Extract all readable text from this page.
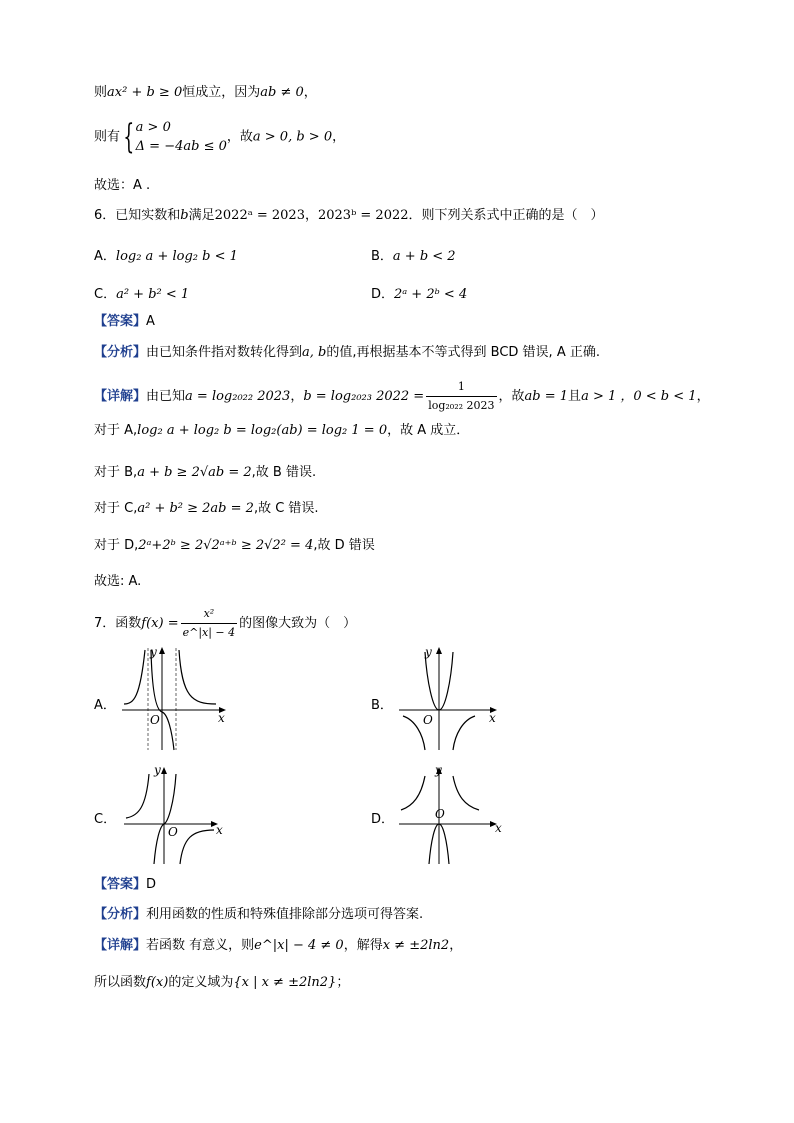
则ax² + b ≥ 0恒成立，因为ab ≠ 0，
则有 { a > 0
Δ = −4ab ≤ 0
，故a > 0, b > 0，
故选：A .
6．已知实数和b满足2022ᵃ = 2023，2023ᵇ = 2022．则下列关系式中正确的是（　）
A．log₂ a + log₂ b < 1	B．a + b < 2
C．a² + b² < 1	D．2ᵃ + 2ᵇ < 4
【答案】A
【分析】由已知条件指对数转化得到a, b的值,再根据基本不等式得到 BCD 错误, A 正确.
【详解】由已知a = log₂₀₂₂ 2023，b = log₂₀₂₃ $2022 = \frac{1}{\text{log₂₀₂₂ 2023}}$ ，故ab = 1且a > 1 ，0 < b < 1，
对于 A,log₂ a + log₂ b = log₂(ab) = log₂ 1 = 0，故 A 成立．
对于 B,a + b ≥ 2√ab = 2,故 B 错误.
对于 C,a² + b² ≥ 2ab = 2,故 C 错误.
对于 D,2ᵃ+2ᵇ ≥ 2√2ᵃ⁺ᵇ ≥ 2√2² = 4,故 D 错误
故选: A.
7．函数$f(x) = \frac{\text{x²}}{e\^{}|x| - 4}$ 的图像大致为（　）
A．	B．
C．	D．
O	x
y
O	x
y
O	x
y
O
x
y
【答案】D
【分析】利用函数的性质和特殊值排除部分选项可得答案.
【详解】若函数 有意义，则e^|x| − 4 ≠ 0，解得x ≠ ±2ln2，
所以函数f(x)的定义域为{x | x ≠ ±2ln2}；
